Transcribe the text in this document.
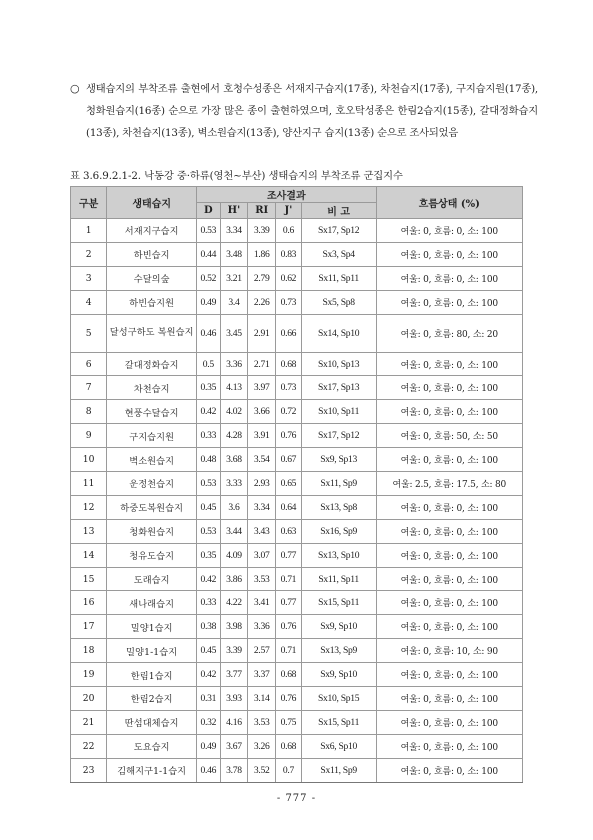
○ 생태습지의 부착조류 출현에서 호청수성종은 서재지구습지(17종), 차천습지(17종), 구지습지원(17종), 청화원습지(16종) 순으로 가장 많은 종이 출현하였으며, 호오탁성종은 한림2습지(15종), 갈대정화습지(13종), 차천습지(13종), 벽소원습지(13종), 양산지구 습지(13종) 순으로 조사되었음
표 3.6.9.2.1-2. 낙동강 중·하류(영천∼부산) 생태습지의 부착조류 군집지수
구분	생태습지	조사결과					흐름상태 (%)
		D	H'	RI	J'	비 고	
1	서재지구습지	0.53	3.34	3.39	0.6	Sx17, Sp12	여울: 0, 흐름: 0, 소: 100
2	하빈습지	0.44	3.48	1.86	0.83	Sx3, Sp4	여울: 0, 흐름: 0, 소: 100
3	수달의숲	0.52	3.21	2.79	0.62	Sx11, Sp11	여울: 0, 흐름: 0, 소: 100
4	하빈습지원	0.49	3.4	2.26	0.73	Sx5, Sp8	여울: 0, 흐름: 0, 소: 100
5	달성구하도 복원습지	0.46	3.45	2.91	0.66	Sx14, Sp10	여울: 0, 흐름: 80, 소: 20
6	갈대정화습지	0.5	3.36	2.71	0.68	Sx10, Sp13	여울: 0, 흐름: 0, 소: 100
7	차천습지	0.35	4.13	3.97	0.73	Sx17, Sp13	여울: 0, 흐름: 0, 소: 100
8	현풍수달습지	0.42	4.02	3.66	0.72	Sx10, Sp11	여울: 0, 흐름: 0, 소: 100
9	구지습지원	0.33	4.28	3.91	0.76	Sx17, Sp12	여울: 0, 흐름: 50, 소: 50
10	벽소원습지	0.48	3.68	3.54	0.67	Sx9, Sp13	여울: 0, 흐름: 0, 소: 100
11	운정천습지	0.53	3.33	2.93	0.65	Sx11, Sp9	여울: 2.5, 흐름: 17.5, 소: 80
12	하중도복원습지	0.45	3.6	3.34	0.64	Sx13, Sp8	여울: 0, 흐름: 0, 소: 100
13	청화원습지	0.53	3.44	3.43	0.63	Sx16, Sp9	여울: 0, 흐름: 0, 소: 100
14	청유도습지	0.35	4.09	3.07	0.77	Sx13, Sp10	여울: 0, 흐름: 0, 소: 100
15	도래습지	0.42	3.86	3.53	0.71	Sx11, Sp11	여울: 0, 흐름: 0, 소: 100
16	새나래습지	0.33	4.22	3.41	0.77	Sx15, Sp11	여울: 0, 흐름: 0, 소: 100
17	밀양1습지	0.38	3.98	3.36	0.76	Sx9, Sp10	여울: 0, 흐름: 0, 소: 100
18	밀양1-1습지	0.45	3.39	2.57	0.71	Sx13, Sp9	여울: 0, 흐름: 10, 소: 90
19	한림1습지	0.42	3.77	3.37	0.68	Sx9, Sp10	여울: 0, 흐름: 0, 소: 100
20	한림2습지	0.31	3.93	3.14	0.76	Sx10, Sp15	여울: 0, 흐름: 0, 소: 100
21	딴섬대체습지	0.32	4.16	3.53	0.75	Sx15, Sp11	여울: 0, 흐름: 0, 소: 100
22	도요습지	0.49	3.67	3.26	0.68	Sx6, Sp10	여울: 0, 흐름: 0, 소: 100
23	김해지구1-1습지	0.46	3.78	3.52	0.7	Sx11, Sp9	여울: 0, 흐름: 0, 소: 100
- 777 -
